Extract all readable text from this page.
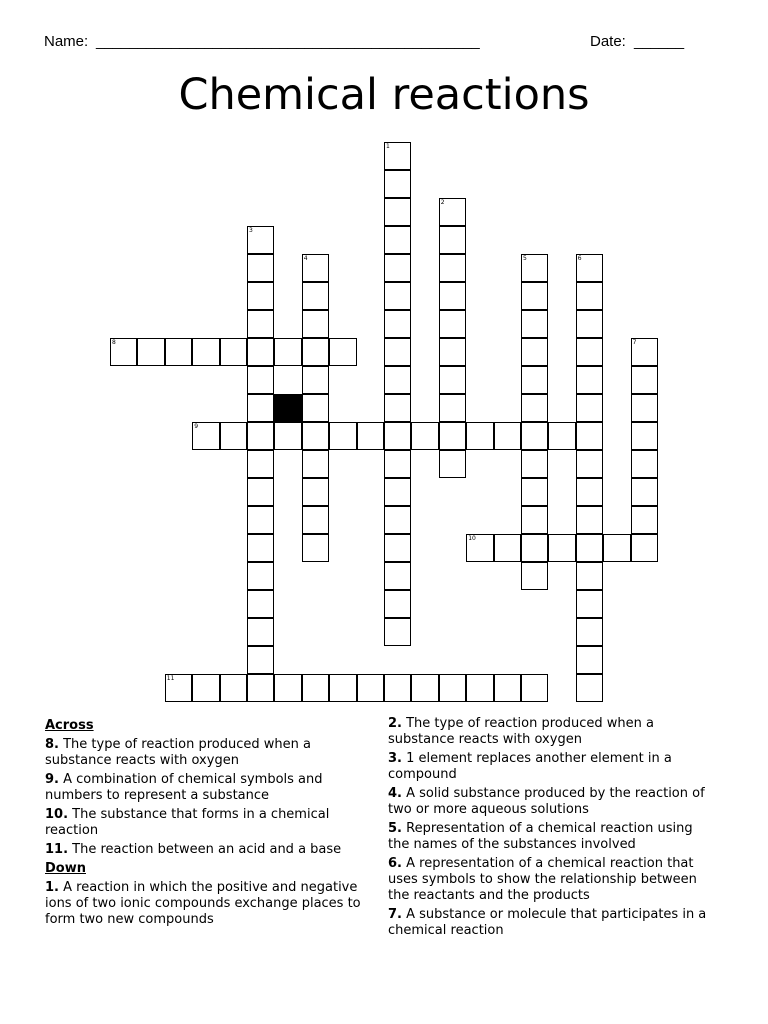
Name: ______________________________________________	Date: ______
Chemical reactions
1
2
3
4	5	6
7
8
9
10
11
Across
8. The type of reaction produced when a substance reacts with oxygen
9. A combination of chemical symbols and numbers to represent a substance
10. The substance that forms in a chemical reaction
11. The reaction between an acid and a base
Down
1. A reaction in which the positive and negative ions of two ionic compounds exchange places to form two new compounds
2. The type of reaction produced when a substance reacts with oxygen
3. 1 element replaces another element in a compound
4. A solid substance produced by the reaction of two or more aqueous solutions
5. Representation of a chemical reaction using the names of the substances involved
6. A representation of a chemical reaction that uses symbols to show the relationship between the reactants and the products
7. A substance or molecule that participates in a chemical reaction
